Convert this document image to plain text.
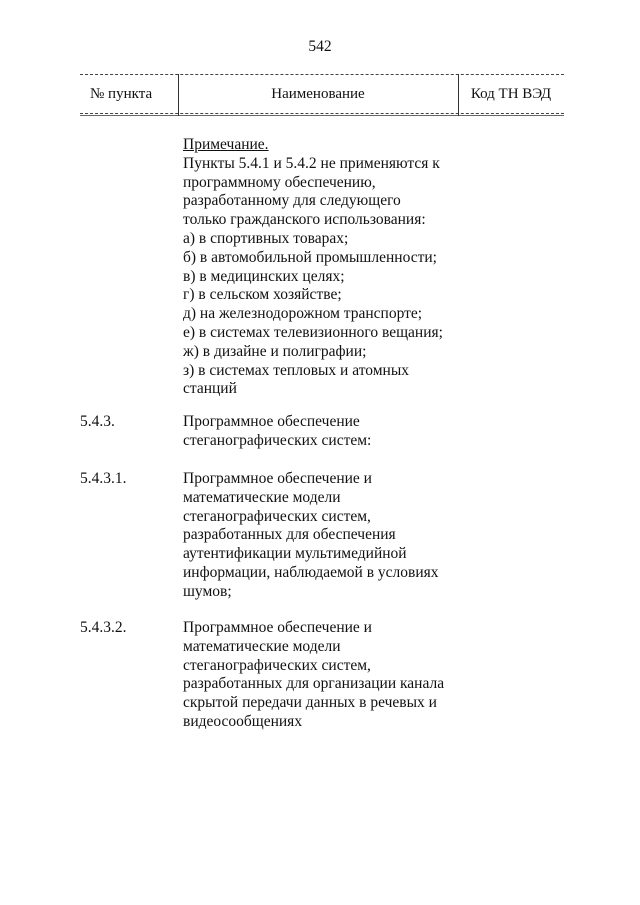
542
№ пункта	Наименование	Код ТН ВЭД
Примечание.
Пункты 5.4.1 и 5.4.2 не применяются к
программному обеспечению,
разработанному для следующего
только гражданского использования:
а) в спортивных товарах;
б) в автомобильной промышленности;
в) в медицинских целях;
г) в сельском хозяйстве;
д) на железнодорожном транспорте;
е) в системах телевизионного вещания;
ж) в дизайне и полиграфии;
з) в системах тепловых и атомных
станций
5.4.3.	Программное обеспечение
стеганографических систем:
5.4.3.1.	Программное обеспечение и
математические модели
стеганографических систем,
разработанных для обеспечения
аутентификации мультимедийной
информации, наблюдаемой в условиях
шумов;
5.4.3.2.	Программное обеспечение и
математические модели
стеганографических систем,
разработанных для организации канала
скрытой передачи данных в речевых и
видеосообщениях
